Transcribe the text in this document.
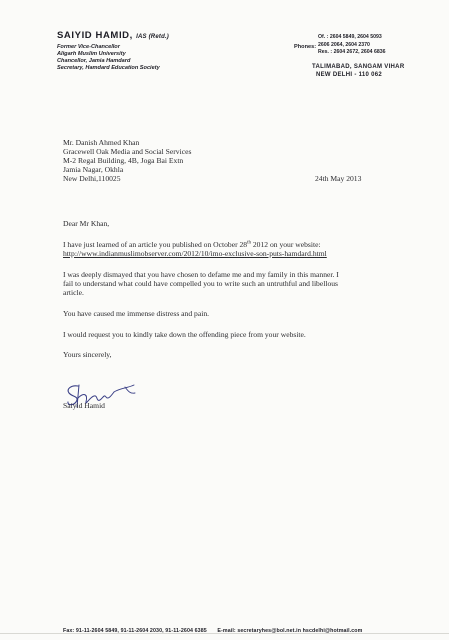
SAIYID HAMID, IAS (Retd.)
Former Vice-Chancellor
Aligarh Muslim University
Chancellor, Jamia Hamdard
Secretary, Hamdard Education Society
Phones:
Of. : 2604 5849, 2604 5093
2606 2064, 2604 2370
Res. : 2604 2672, 2604 6836
TALIMABAD, SANGAM VIHAR
NEW DELHI - 110 062
Mr. Danish Ahmed Khan
Gracewell Oak Media and Social Services
M-2 Regal Building, 4B, Joga Bai Extn
Jamia Nagar, Okhla
New Delhi,110025	24th May 2013
Dear Mr Khan,
I have just learned of an article you published on October 28th 2012 on your website:
http://www.indianmuslimobserver.com/2012/10/imo-exclusive-son-puts-hamdard.html
I was deeply dismayed that you have chosen to defame me and my family in this manner. I
fail to understand what could have compelled you to write such an untruthful and libellous
article.
You have caused me immense distress and pain.
I would request you to kindly take down the offending piece from your website.
Yours sincerely,
Saiyid Hamid
Fax: 91-11-2604 5849, 91-11-2604 2030, 91-11-2604 6385 E-mail: secretaryhes@bol.net.in hscdelhi@hotmail.com
